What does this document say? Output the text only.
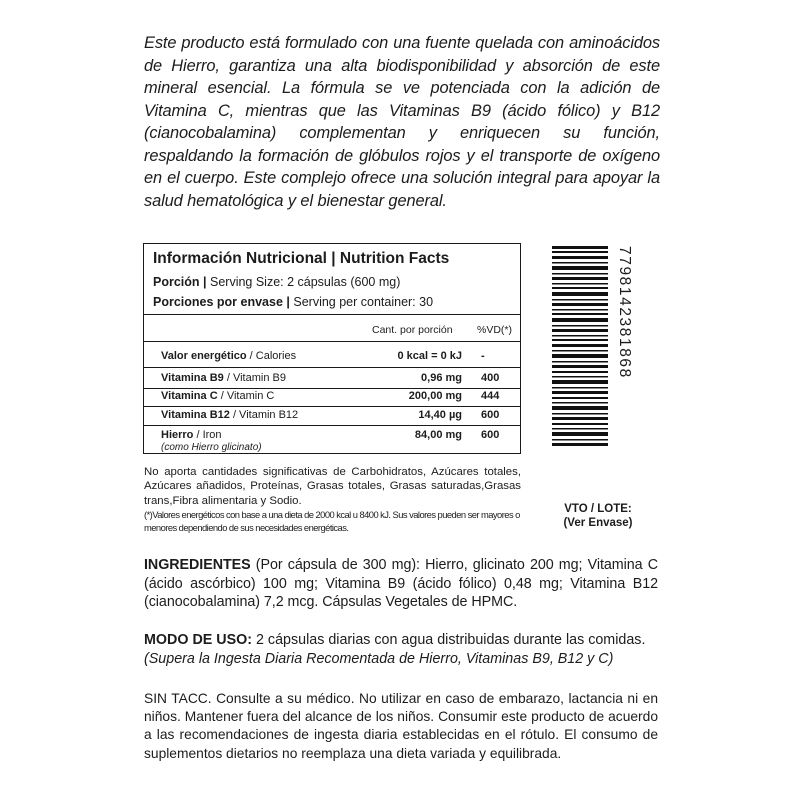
Este producto está formulado con una fuente quelada con aminoácidos de Hierro, garantiza una alta biodisponibilidad y absorción de este mineral esencial. La fórmula se ve potenciada con la adición de Vitamina C, mientras que las Vitaminas B9 (ácido fólico) y B12 (cianocobalamina) complementan y enriquecen su función, respaldando la formación de glóbulos rojos y el transporte de oxígeno en el cuerpo. Este complejo ofrece una solución integral para apoyar la salud hematológica y el bienestar general.
Información Nutricional | Nutrition Facts
Porción | Serving Size: 2 cápsulas (600 mg)
Porciones por envase | Serving per container: 30
Cant. por porción %VD(*)
Valor energético / Calories	0 kcal = 0 kJ -
Vitamina B9 / Vitamin B9	0,96 mg 400
Vitamina C / Vitamin C	200,00 mg 444
Vitamina B12 / Vitamin B12	14,40 µg 600
Hierro / Iron	84,00 mg 600
(como Hierro glicinato)
No aporta cantidades significativas de Carbohidratos, Azúcares totales, Azúcares añadidos, Proteínas, Grasas totales, Grasas saturadas,Grasas trans,Fibra alimentaria y Sodio.
(*)Valores energéticos con base a una dieta de 2000 kcal u 8400 kJ. Sus valores pueden ser mayores o menores dependiendo de sus necesidades energéticas.
7798142381868
VTO / LOTE:
(Ver Envase)
INGREDIENTES (Por cápsula de 300 mg): Hierro, glicinato 200 mg; Vitamina C (ácido ascórbico) 100 mg; Vitamina B9 (ácido fólico) 0,48 mg; Vitamina B12 (cianocobalamina) 7,2 mcg. Cápsulas Vegetales de HPMC.
MODO DE USO: 2 cápsulas diarias con agua distribuidas durante las comidas.
(Supera la Ingesta Diaria Recomentada de Hierro, Vitaminas B9, B12 y C)
SIN TACC. Consulte a su médico. No utilizar en caso de embarazo, lactancia ni en niños. Mantener fuera del alcance de los niños. Consumir este producto de acuerdo a las recomendaciones de ingesta diaria establecidas en el rótulo. El consumo de suplementos dietarios no reemplaza una dieta variada y equilibrada.
